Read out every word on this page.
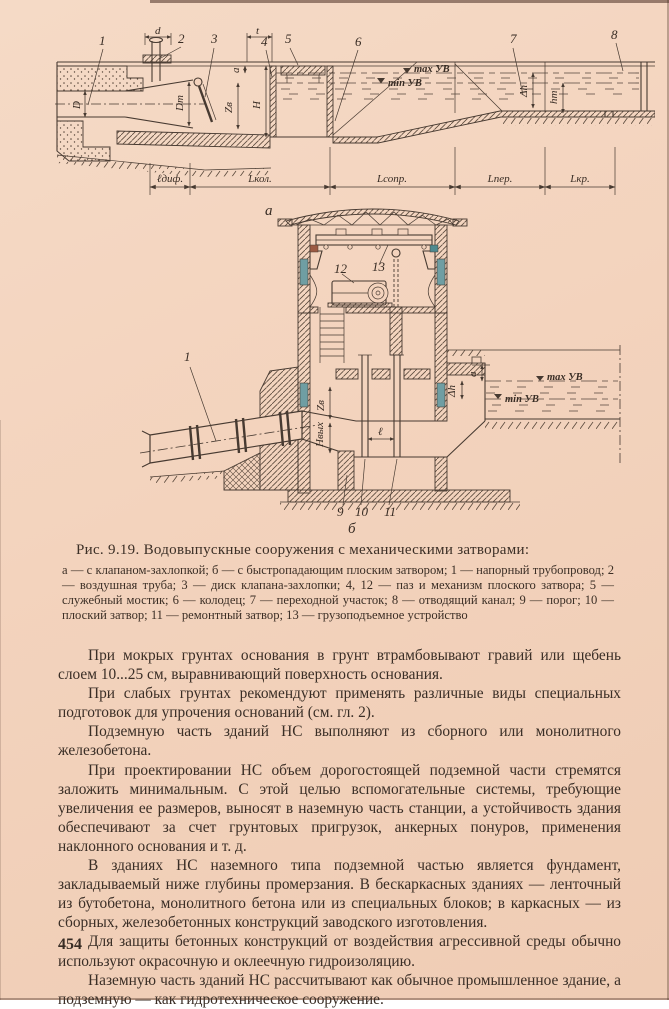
max УВ
min УВ
d	t
a
D	Dт	Zв H
Δh hт
ℓдиф.	Lкол.	Lсопр.	Lпер.	Lкр.
1	2 3	4 5	6	7	8
а
ℓ
max УВ
min УВ
a
Δh
Zв
Hвых
1
12 13
9 10 11
б

Рис. 9.19. Водовыпускные сооружения с механическими затворами:

а — с клапаном-захлопкой; б — с быстропадающим плоским затвором; 1 — напорный трубопровод; 2 — воздушная труба; 3 — диск клапана-захлопки; 4, 12 — паз и механизм плоского затвора; 5 — служебный мостик; 6 — колодец; 7 — переходной участок; 8 — отводящий канал; 9 — порог; 10 — плоский затвор; 11 — ремонтный затвор; 13 — грузоподъемное устройство

При мокрых грунтах основания в грунт втрамбовывают гравий или щебень слоем 10...25 см, выравнивающий поверхность основания.

При слабых грунтах рекомендуют применять различные виды специальных подготовок для упрочения оснований (см. гл. 2).

Подземную часть зданий НС выполняют из сборного или монолитного железобетона.

При проектировании НС объем дорогостоящей подземной части стремятся заложить минимальным. С этой целью вспомогательные системы, требующие увеличения ее размеров, выносят в наземную часть станции, а устойчивость здания обеспечивают за счет грунтовых пригрузок, анкерных понуров, применения наклонного основания и т. д.

В зданиях НС наземного типа подземной частью является фундамент, закладываемый ниже глубины промерзания. В бескаркасных зданиях — ленточный из бутобетона, монолитного бетона или из специальных блоков; в каркасных — из сборных, железобетонных конструкций заводского изготовления.

Для защиты бетонных конструкций от воздействия агрессивной среды обычно используют окрасочную и оклеечную гидроизоляцию.

Наземную часть зданий НС рассчитывают как обычное промышленное здание, а подземную — как гидротехническое сооружение.

454
